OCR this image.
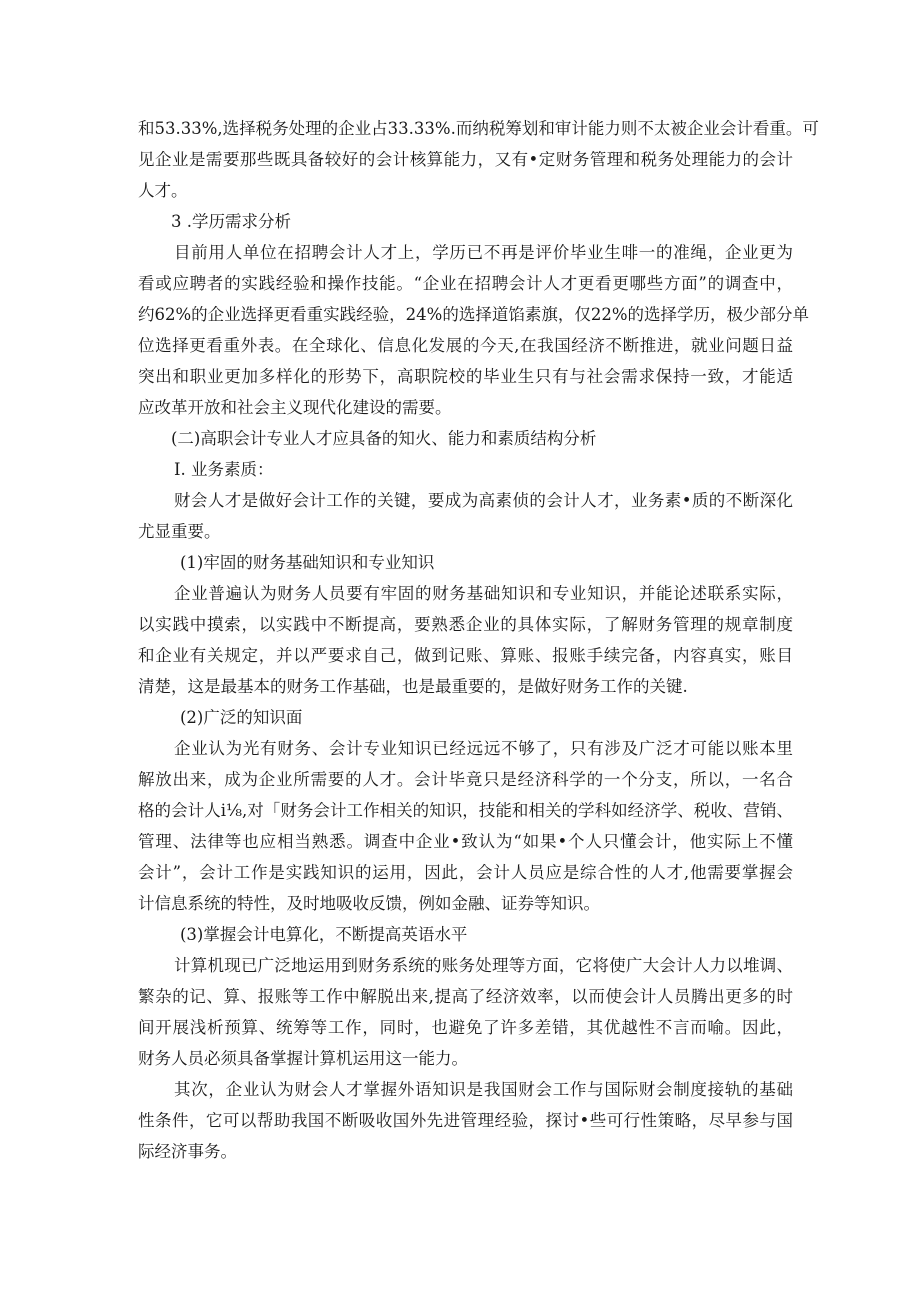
和53.33%,选择税务处理的企业占33.33%.而纳税筹划和审计能力则不太被企业会计看重。可
见企业是需要那些既具备较好的会计核算能力，又有•定财务管理和税务处理能力的会计
人才。
3 .学历需求分析
目前用人单位在招聘会计人才上，学历已不再是评价毕业生啡一的准绳，企业更为
看或应聘者的实践经验和操作技能。“企业在招聘会计人才更看更哪些方面”的调查中，
约62%的企业选择更看重实践经验，24%的选择道馅素旗，仅22%的选择学历，极少部分单
位选择更看重外表。在全球化、信息化发展的今天,在我国经济不断推进，就业问题日益
突出和职业更加多样化的形势下，高职院校的毕业生只有与社会需求保持一致，才能适
应改革开放和社会主义现代化建设的需要。
(二)高职会计专业人才应具备的知火、能力和素质结构分析
I. 业务素质：
财会人才是做好会计工作的关键，要成为高素侦的会计人才，业务素•质的不断深化
尤显重要。
(1)牢固的财务基础知识和专业知识
企业普遍认为财务人员要有牢固的财务基础知识和专业知识，并能论述联系实际，
以实践中摸索，以实践中不断提高，要熟悉企业的具体实际，了解财务管理的规章制度
和企业有关规定，并以严要求自己，做到记账、算账、报账手续完备，内容真实，账目
清楚，这是最基本的财务工作基础，也是最重要的，是做好财务工作的关键.
(2)广泛的知识面
企业认为光有财务、会计专业知识已经远远不够了，只有涉及广泛才可能以账本里
解放出来，成为企业所需要的人才。会计毕竟只是经济科学的一个分支，所以，一名合
格的会计人i⅛,对「财务会计工作相关的知识，技能和相关的学科如经济学、税收、营销、
管理、法律等也应相当熟悉。调查中企业•致认为“如果•个人只懂会计，他实际上不懂
会计”，会计工作是实践知识的运用，因此，会计人员应是综合性的人才,他需要掌握会
计信息系统的特性，及时地吸收反馈，例如金融、证券等知识。
(3)掌握会计电算化，不断提高英语水平
计算机现已广泛地运用到财务系统的账务处理等方面，它将使广大会计人力以堆调、
繁杂的记、算、报账等工作中解脱出来,提高了经济效率，以而使会计人员腾出更多的时
间开展浅析预算、统筹等工作，同时，也避免了许多差错，其优越性不言而喻。因此，
财务人员必须具备掌握计算机运用这一能力。
其次，企业认为财会人才掌握外语知识是我国财会工作与国际财会制度接轨的基础
性条件，它可以帮助我国不断吸收国外先进管理经验，探讨•些可行性策略，尽早参与国
际经济事务。
